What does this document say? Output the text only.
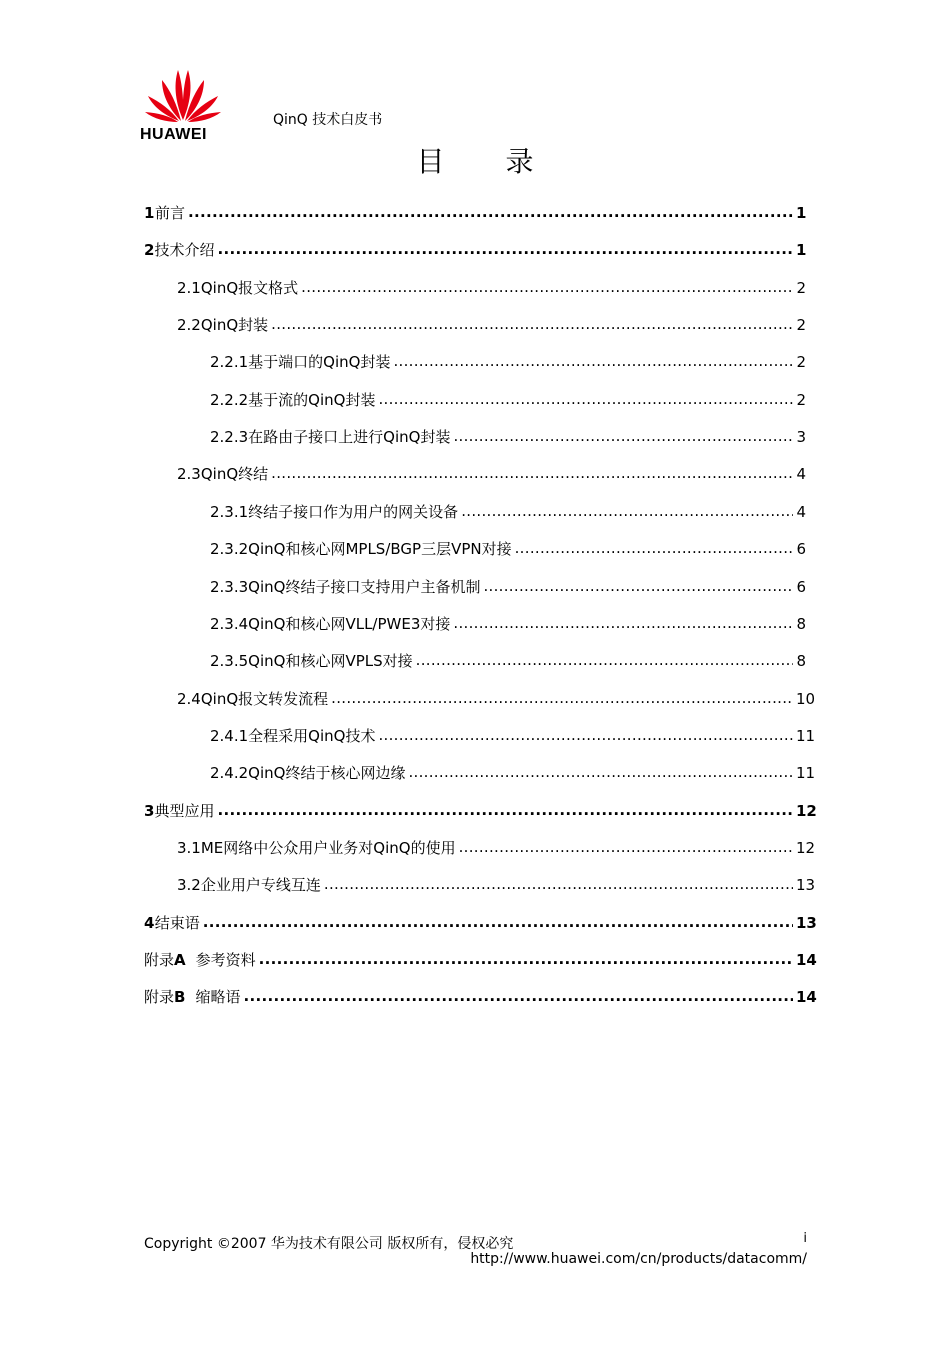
HUAWEI
QinQ 技术白皮书
目 录
1 前言 .....	1
2 技术介绍 .....	1
2.1 QinQ报文格式 .....	2
2.2 QinQ封装 .....	2
2.2.1 基于端口的QinQ封装 .....	2
2.2.2 基于流的QinQ封装 .....	2
2.2.3 在路由子接口上进行QinQ封装 .....	3
2.3 QinQ终结 .....	4
2.3.1 终结子接口作为用户的网关设备 .....	4
2.3.2 QinQ和核心网MPLS/BGP三层VPN对接 .....	6
2.3.3 QinQ终结子接口支持用户主备机制 .....	6
2.3.4 QinQ和核心网VLL/PWE3对接 .....	8
2.3.5 QinQ和核心网VPLS对接 .....	8
2.4 QinQ报文转发流程 .....	10
2.4.1 全程采用QinQ技术 .....	11
2.4.2 QinQ终结于核心网边缘 .....	11
3 典型应用 .....	12
3.1 ME网络中公众用户业务对QinQ的使用 .....	12
3.2 企业用户专线互连 .....	13
4 结束语 .....	13
附录A 参考资料 .....	14
附录B 缩略语 .....	14
Copyright ©2007 华为技术有限公司 版权所有，侵权必究	i
http://www.huawei.com/cn/products/datacomm/
